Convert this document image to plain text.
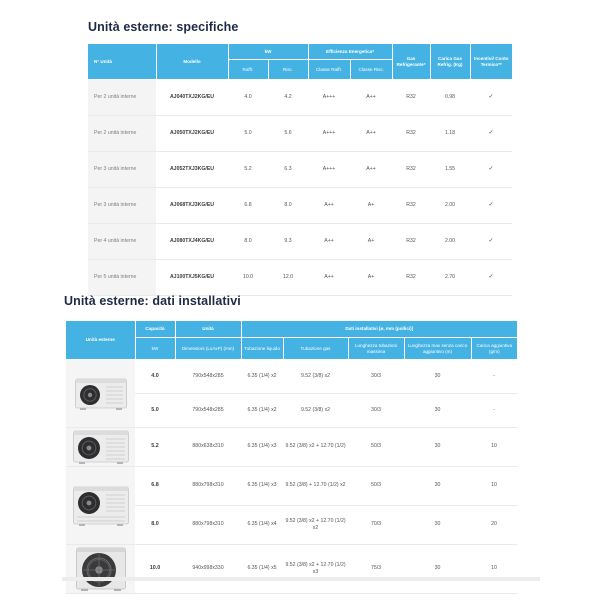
Unità esterne: specifiche
N° Unità	Modello	kW		Efficienza Energetica*		Gas Refrigerante*	Carica Gas Refrig. (Kg)	Incentivi/ Conto Termico**
		Raffr.	Risc.	Classe Raffr.	Classe Risc.			
Per 2 unità interne	AJ040TXJ2KG/EU	4.0	4.2	A+++	A++	R32	0.98	✓
Per 2 unità interne	AJ050TXJ2KG/EU	5.0	5.6	A+++	A++	R32	1.18	✓
Per 3 unità interne	AJ052TXJ3KG/EU	5.2	6.3	A+++	A++	R32	1.55	✓
Per 3 unità interne	AJ068TXJ3KG/EU	6.8	8.0	A++	A+	R32	2.00	✓
Per 4 unità interne	AJ080TXJ4KG/EU	8.0	9.3	A++	A+	R32	2.00	✓
Per 5 unità interne	AJ100TXJ5KG/EU	10.0	12.0	A++	A+	R32	2.70	✓
Unità esterne: dati installativi
Unità esterne	Capacità	Unità	Dati installativi [ø, mm (pollici)]				
	kW	Dimensioni (LxAxP) (mm)	Tubazione liquido	Tubazione gas	Lunghezza tubazioni massima	Lunghezza max senza carico aggiuntivo (m)	Carica aggiuntiva (g/m)

	4.0	790x548x285	6.35 (1/4) x2	9.52 (3/8) x2	30/3	30	-
	5.0	790x548x285	6.35 (1/4) x2	9.52 (3/8) x2	30/3	30	-

	5.2	880x638x310	6.35 (1/4) x3	9.52 (3/8) x2 + 12.70 (1/2)	50/3	30	10

	6.8	880x798x310	6.35 (1/4) x3	9.52 (3/8) + 12.70 (1/2) x2	50/3	30	10
	8.0	880x798x310	6.35 (1/4) x4	9.52 (3/8) x2 + 12.70 (1/2) x2	70/3	30	20

	10.0	940x998x330	6.35 (1/4) x5	9.52 (3/8) x2 + 12.70 (1/2) x3	75/3	30	10
